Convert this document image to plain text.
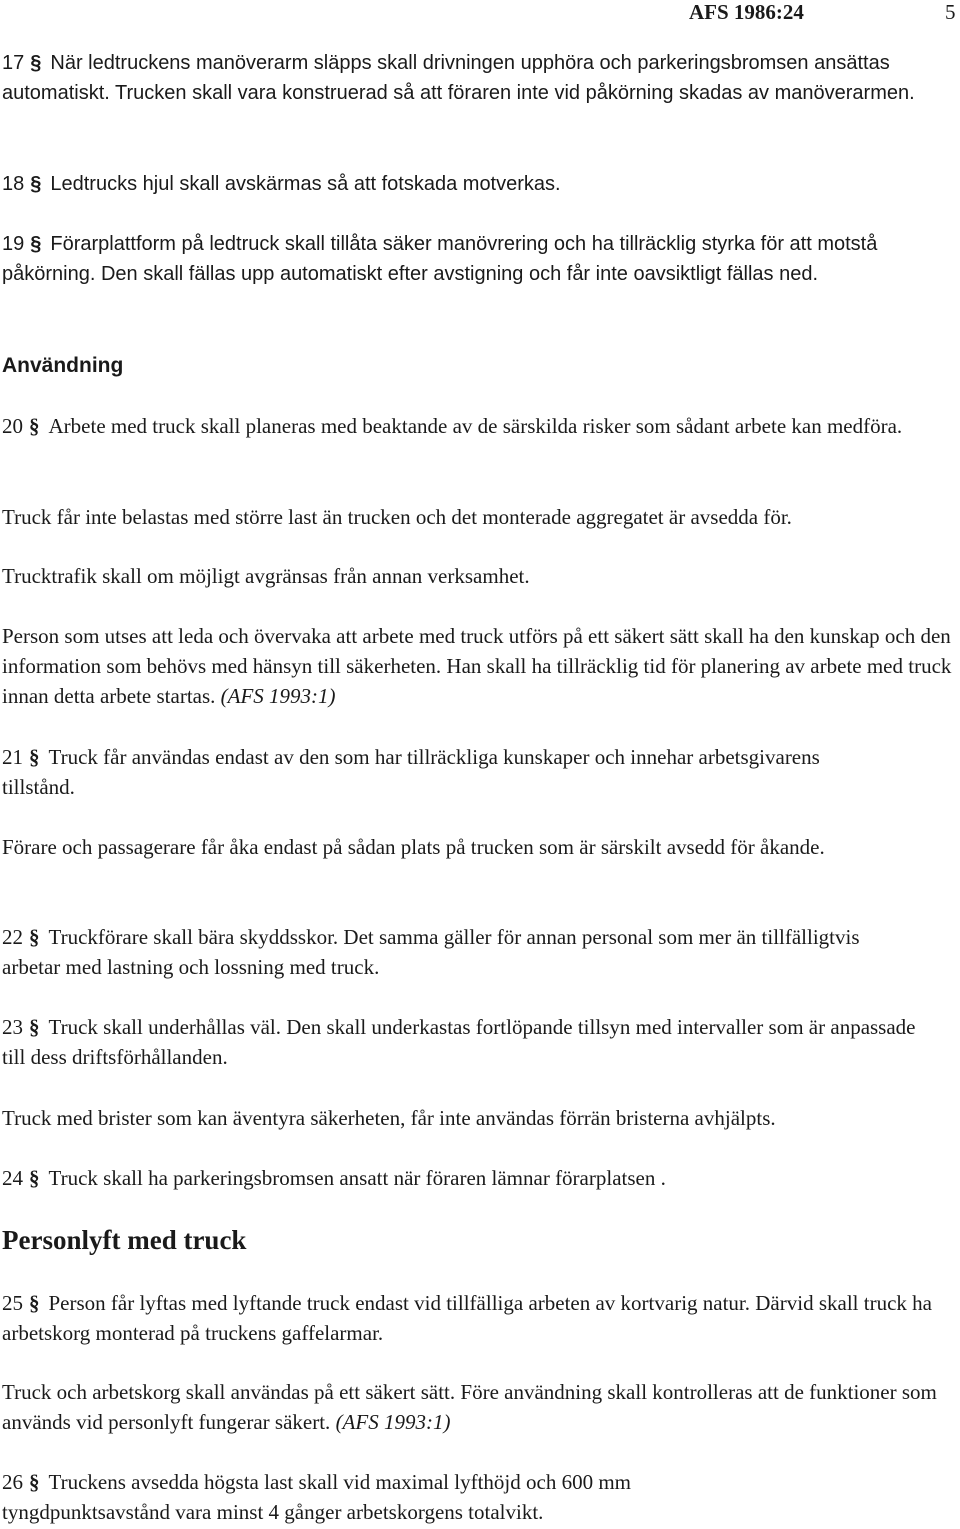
AFS 1986:24	5
17 § När ledtruckens manöverarm släpps skall drivningen upphöra och parkeringsbromsen ansättas automatiskt. Trucken skall vara konstruerad så att föraren inte vid påkörning skadas av manöverarmen.
18 § Ledtrucks hjul skall avskärmas så att fotskada motverkas.
19 § Förarplattform på ledtruck skall tillåta säker manövrering och ha tillräcklig styrka för att motstå påkörning. Den skall fällas upp automatiskt efter avstigning och får inte oavsiktligt fällas ned.
Användning
20 § Arbete med truck skall planeras med beaktande av de särskilda risker som sådant arbete kan medföra.
Truck får inte belastas med större last än trucken och det monterade aggregatet är avsedda för.
Trucktrafik skall om möjligt avgränsas från annan verksamhet.
Person som utses att leda och övervaka att arbete med truck utförs på ett säkert sätt skall ha den kunskap och den information som behövs med hänsyn till säkerheten. Han skall ha tillräcklig tid för planering av arbete med truck innan detta arbete startas. (AFS 1993:1)
21 § Truck får användas endast av den som har tillräckliga kunskaper och innehar arbetsgivarens tillstånd.
Förare och passagerare får åka endast på sådan plats på trucken som är särskilt avsedd för åkande.
22 § Truckförare skall bära skyddsskor. Det samma gäller för annan personal som mer än tillfälligtvis arbetar med lastning och lossning med truck.
23 § Truck skall underhållas väl. Den skall underkastas fortlöpande tillsyn med intervaller som är anpassade till dess driftsförhållanden.
Truck med brister som kan äventyra säkerheten, får inte användas förrän bristerna avhjälpts.
24 § Truck skall ha parkeringsbromsen ansatt när föraren lämnar förarplatsen .
Personlyft med truck
25 § Person får lyftas med lyftande truck endast vid tillfälliga arbeten av kortvarig natur. Därvid skall truck ha arbetskorg monterad på truckens gaffelarmar.
Truck och arbetskorg skall användas på ett säkert sätt. Före användning skall kontrolleras att de funktioner som används vid personlyft fungerar säkert. (AFS 1993:1)
26 § Truckens avsedda högsta last skall vid maximal lyfthöjd och 600 mm tyngdpunktsavstånd vara minst 4 gånger arbetskorgens totalvikt.
